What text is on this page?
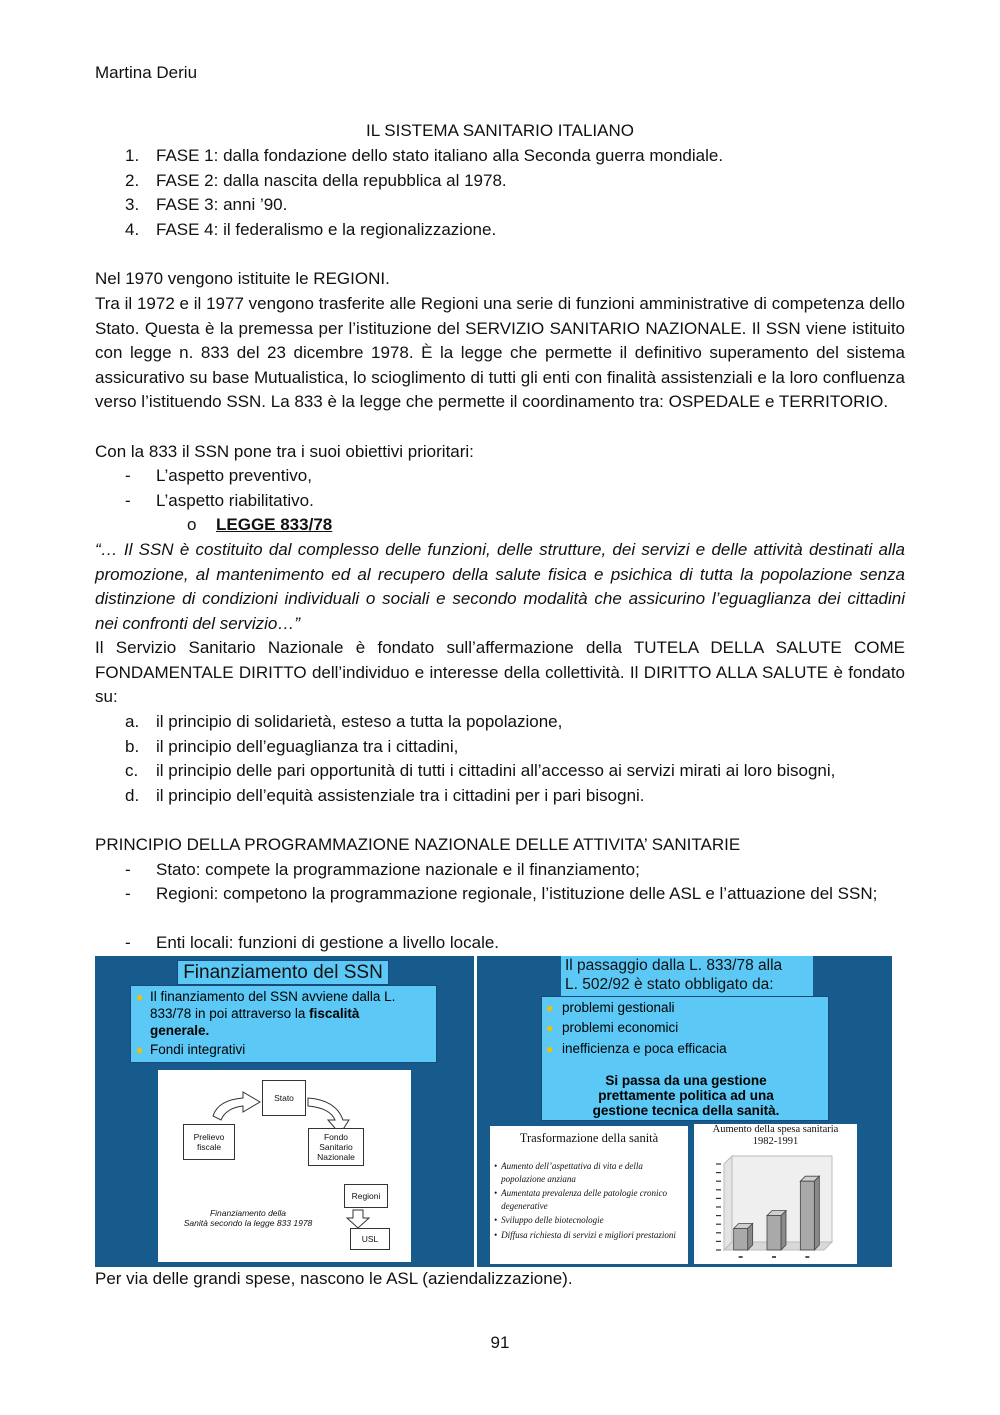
Martina Deriu
IL SISTEMA SANITARIO ITALIANO
1. FASE 1: dalla fondazione dello stato italiano alla Seconda guerra mondiale.
2. FASE 2: dalla nascita della repubblica al 1978.
3. FASE 3: anni ’90.
4. FASE 4: il federalismo e la regionalizzazione.
Nel 1970 vengono istituite le REGIONI.
Tra il 1972 e il 1977 vengono trasferite alle Regioni una serie di funzioni amministrative di competenza dello Stato. Questa è la premessa per l’istituzione del SERVIZIO SANITARIO NAZIONALE. Il SSN viene istituito con legge n. 833 del 23 dicembre 1978. È la legge che permette il definitivo superamento del sistema assicurativo su base Mutualistica, lo scioglimento di tutti gli enti con finalità assistenziali e la loro confluenza verso l’istituendo SSN. La 833 è la legge che permette il coordinamento tra: OSPEDALE e TERRITORIO.
Con la 833 il SSN pone tra i suoi obiettivi prioritari:
- L’aspetto preventivo,
- L’aspetto riabilitativo.
o LEGGE 833/78
“… Il SSN è costituito dal complesso delle funzioni, delle strutture, dei servizi e delle attività destinati alla promozione, al mantenimento ed al recupero della salute fisica e psichica di tutta la popolazione senza distinzione di condizioni individuali o sociali e secondo modalità che assicurino l’eguaglianza dei cittadini nei confronti del servizio…”
Il Servizio Sanitario Nazionale è fondato sull’affermazione della TUTELA DELLA SALUTE COME FONDAMENTALE DIRITTO dell’individuo e interesse della collettività. Il DIRITTO ALLA SALUTE è fondato su:
a. il principio di solidarietà, esteso a tutta la popolazione,
b. il principio dell’eguaglianza tra i cittadini,
c. il principio delle pari opportunità di tutti i cittadini all’accesso ai servizi mirati ai loro bisogni,
d. il principio dell’equità assistenziale tra i cittadini per i pari bisogni.
PRINCIPIO DELLA PROGRAMMAZIONE NAZIONALE DELLE ATTIVITA’ SANITARIE
- Stato: compete la programmazione nazionale e il finanziamento;
- Regioni: competono la programmazione regionale, l’istituzione delle ASL e l’attuazione del SSN;
- Enti locali: funzioni di gestione a livello locale.
Finanziamento del SSN
● Il finanziamento del SSN avviene dalla L.
833/78 in poi attraverso la fiscalità
generale.
● Fondi integrativi
Stato
Prelievo fiscale
Fondo Sanitario Nazionale
Regioni
USL
Finanziamento della
Sanità secondo la legge 833 1978
Il passaggio dalla L. 833/78 alla
L. 502/92 è stato obbligato da:
● problemi gestionali
● problemi economici
● inefficienza e poca efficacia
Si passa da una gestione
prettamente politica ad una
gestione tecnica della sanità.
Trasformazione della sanità
• Aumento dell’aspettativa di vita e della popolazione anziana
• Aumentata prevalenza delle patologie cronico degenerative
• Sviluppo delle biotecnologie
• Diffusa richiesta di servizi e migliori prestazioni
Aumento della spesa sanitaria
1982-1991
Per via delle grandi spese, nascono le ASL (aziendalizzazione).
91
